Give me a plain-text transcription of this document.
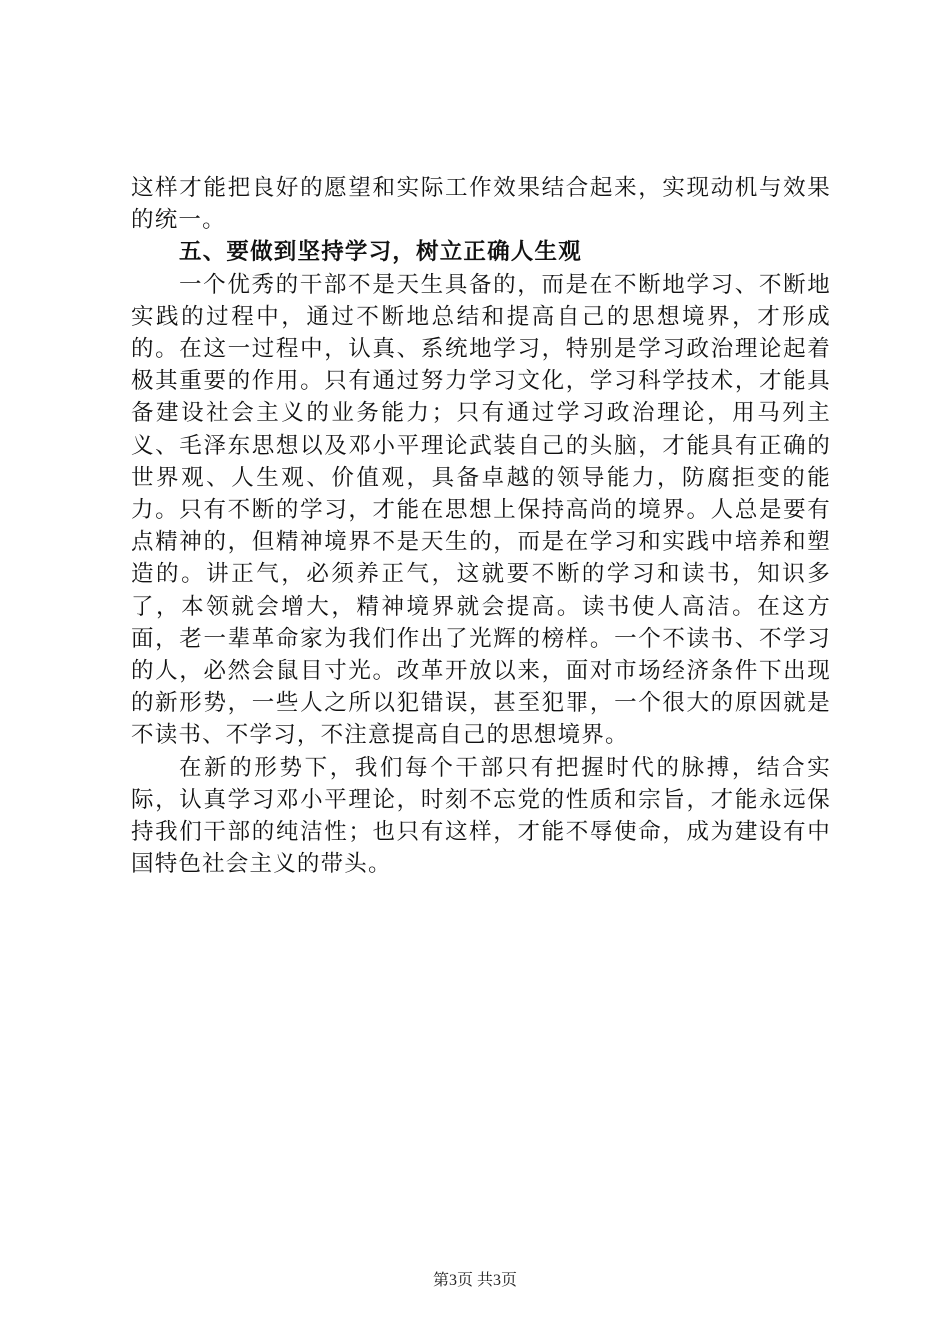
这样才能把良好的愿望和实际工作效果结合起来，实现动机与效果的统一。

五、要做到坚持学习，树立正确人生观

一个优秀的干部不是天生具备的，而是在不断地学习、不断地实践的过程中，通过不断地总结和提高自己的思想境界，才形成的。在这一过程中，认真、系统地学习，特别是学习政治理论起着极其重要的作用。只有通过努力学习文化，学习科学技术，才能具备建设社会主义的业务能力；只有通过学习政治理论，用马列主义、毛泽东思想以及邓小平理论武装自己的头脑，才能具有正确的世界观、人生观、价值观，具备卓越的领导能力，防腐拒变的能力。只有不断的学习，才能在思想上保持高尚的境界。人总是要有点精神的，但精神境界不是天生的，而是在学习和实践中培养和塑造的。讲正气，必须养正气，这就要不断的学习和读书，知识多了，本领就会增大，精神境界就会提高。读书使人高洁。在这方面，老一辈革命家为我们作出了光辉的榜样。一个不读书、不学习的人，必然会鼠目寸光。改革开放以来，面对市场经济条件下出现的新形势，一些人之所以犯错误，甚至犯罪，一个很大的原因就是不读书、不学习，不注意提高自己的思想境界。

在新的形势下，我们每个干部只有把握时代的脉搏，结合实际，认真学习邓小平理论，时刻不忘党的性质和宗旨，才能永远保持我们干部的纯洁性；也只有这样，才能不辱使命，成为建设有中国特色社会主义的带头。

第3页 共3页
